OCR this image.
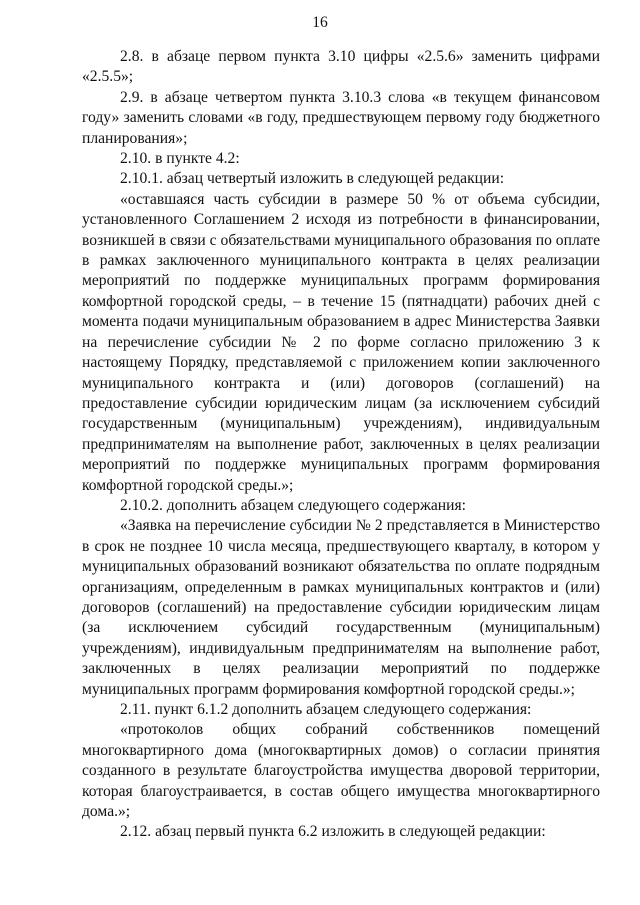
16

2.8. в абзаце первом пункта 3.10 цифры «2.5.6» заменить цифрами «2.5.5»;

2.9. в абзаце четвертом пункта 3.10.3 слова «в текущем финансовом году» заменить словами «в году, предшествующем первому году бюджетного планирования»;

2.10. в пункте 4.2:

2.10.1. абзац четвертый изложить в следующей редакции:

«оставшаяся часть субсидии в размере 50 % от объема субсидии, установленного Соглашением 2 исходя из потребности в финансировании, возникшей в связи с обязательствами муниципального образования по оплате в рамках заключенного муниципального контракта в целях реализации мероприятий по поддержке муниципальных программ формирования комфортной городской среды, – в течение 15 (пятнадцати) рабочих дней с момента подачи муниципальным образованием в адрес Министерства Заявки на перечисление субсидии № 2 по форме согласно приложению 3 к настоящему Порядку, представляемой с приложением копии заключенного муниципального контракта и (или) договоров (соглашений) на предоставление субсидии юридическим лицам (за исключением субсидий государственным (муниципальным) учреждениям), индивидуальным предпринимателям на выполнение работ, заключенных в целях реализации мероприятий по поддержке муниципальных программ формирования комфортной городской среды.»;

2.10.2. дополнить абзацем следующего содержания:

«Заявка на перечисление субсидии № 2 представляется в Министерство в срок не позднее 10 числа месяца, предшествующего кварталу, в котором у муниципальных образований возникают обязательства по оплате подрядным организациям, определенным в рамках муниципальных контрактов и (или) договоров (соглашений) на предоставление субсидии юридическим лицам (за исключением субсидий государственным (муниципальным) учреждениям), индивидуальным предпринимателям на выполнение работ, заключенных в целях реализации мероприятий по поддержке муниципальных программ формирования комфортной городской среды.»;

2.11. пункт 6.1.2 дополнить абзацем следующего содержания:

«протоколов общих собраний собственников помещений многоквартирного дома (многоквартирных домов) о согласии принятия созданного в результате благоустройства имущества дворовой территории, которая благоустраивается, в состав общего имущества многоквартирного дома.»;

2.12. абзац первый пункта 6.2 изложить в следующей редакции:
